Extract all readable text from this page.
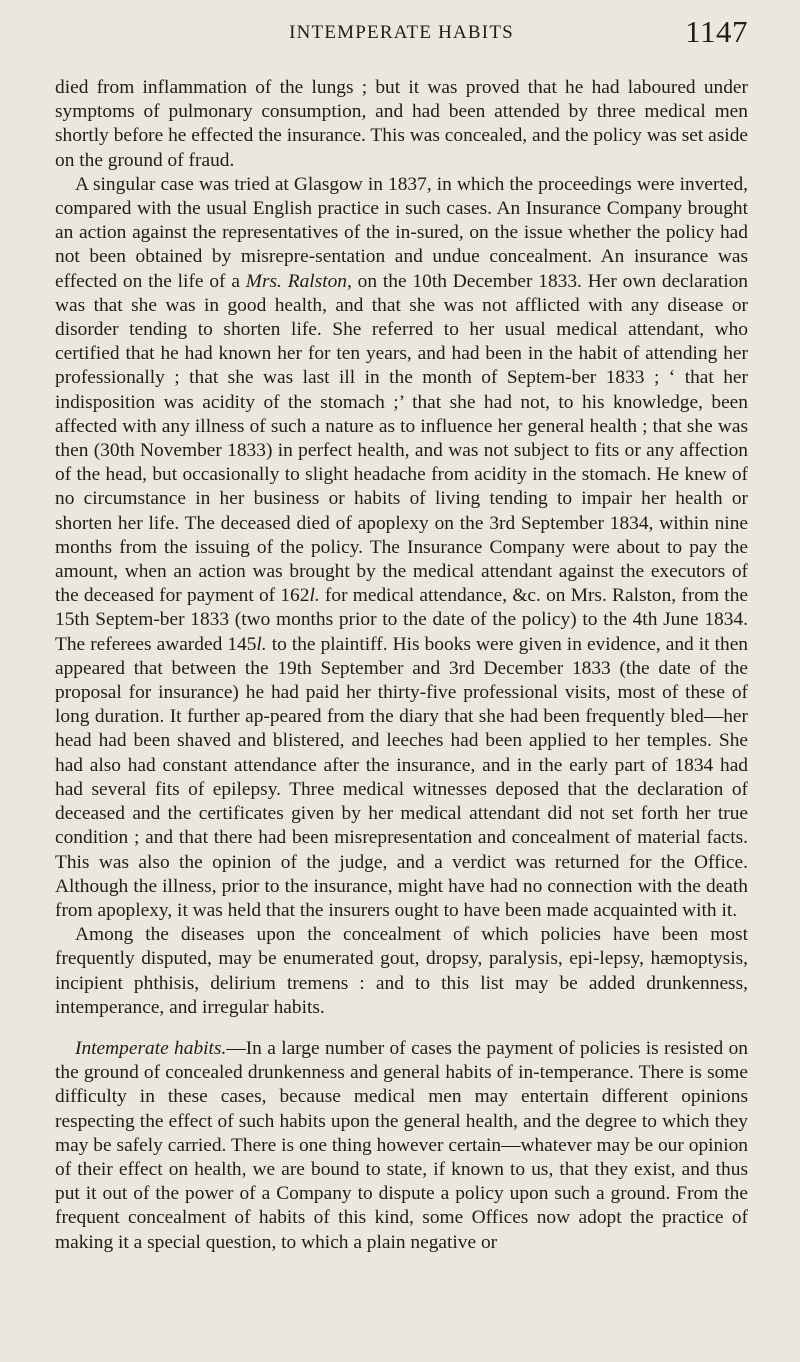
INTEMPERATE HABITS	1147

died from inflammation of the lungs ; but it was proved that he had laboured under symptoms of pulmonary consumption, and had been attended by three medical men shortly before he effected the insurance. This was concealed, and the policy was set aside on the ground of fraud.

A singular case was tried at Glasgow in 1837, in which the proceedings were inverted, compared with the usual English practice in such cases. An Insurance Company brought an action against the representatives of the in-sured, on the issue whether the policy had not been obtained by misrepre-sentation and undue concealment. An insurance was effected on the life of a Mrs. Ralston, on the 10th December 1833. Her own declaration was that she was in good health, and that she was not afflicted with any disease or disorder tending to shorten life. She referred to her usual medical attendant, who certified that he had known her for ten years, and had been in the habit of attending her professionally ; that she was last ill in the month of Septem-ber 1833 ; ‘ that her indisposition was acidity of the stomach ;’ that she had not, to his knowledge, been affected with any illness of such a nature as to influence her general health ; that she was then (30th November 1833) in perfect health, and was not subject to fits or any affection of the head, but occasionally to slight headache from acidity in the stomach. He knew of no circumstance in her business or habits of living tending to impair her health or shorten her life. The deceased died of apoplexy on the 3rd September 1834, within nine months from the issuing of the policy. The Insurance Company were about to pay the amount, when an action was brought by the medical attendant against the executors of the deceased for payment of 162l. for medical attendance, &c. on Mrs. Ralston, from the 15th Septem-ber 1833 (two months prior to the date of the policy) to the 4th June 1834. The referees awarded 145l. to the plaintiff. His books were given in evidence, and it then appeared that between the 19th September and 3rd December 1833 (the date of the proposal for insurance) he had paid her thirty-five professional visits, most of these of long duration. It further ap-peared from the diary that she had been frequently bled—her head had been shaved and blistered, and leeches had been applied to her temples. She had also had constant attendance after the insurance, and in the early part of 1834 had had several fits of epilepsy. Three medical witnesses deposed that the declaration of deceased and the certificates given by her medical attendant did not set forth her true condition ; and that there had been misrepresentation and concealment of material facts. This was also the opinion of the judge, and a verdict was returned for the Office. Although the illness, prior to the insurance, might have had no connection with the death from apoplexy, it was held that the insurers ought to have been made acquainted with it.

Among the diseases upon the concealment of which policies have been most frequently disputed, may be enumerated gout, dropsy, paralysis, epi-lepsy, hæmoptysis, incipient phthisis, delirium tremens : and to this list may be added drunkenness, intemperance, and irregular habits.

Intemperate habits.—In a large number of cases the payment of policies is resisted on the ground of concealed drunkenness and general habits of in-temperance. There is some difficulty in these cases, because medical men may entertain different opinions respecting the effect of such habits upon the general health, and the degree to which they may be safely carried. There is one thing however certain—whatever may be our opinion of their effect on health, we are bound to state, if known to us, that they exist, and thus put it out of the power of a Company to dispute a policy upon such a ground. From the frequent concealment of habits of this kind, some Offices now adopt the practice of making it a special question, to which a plain negative or
